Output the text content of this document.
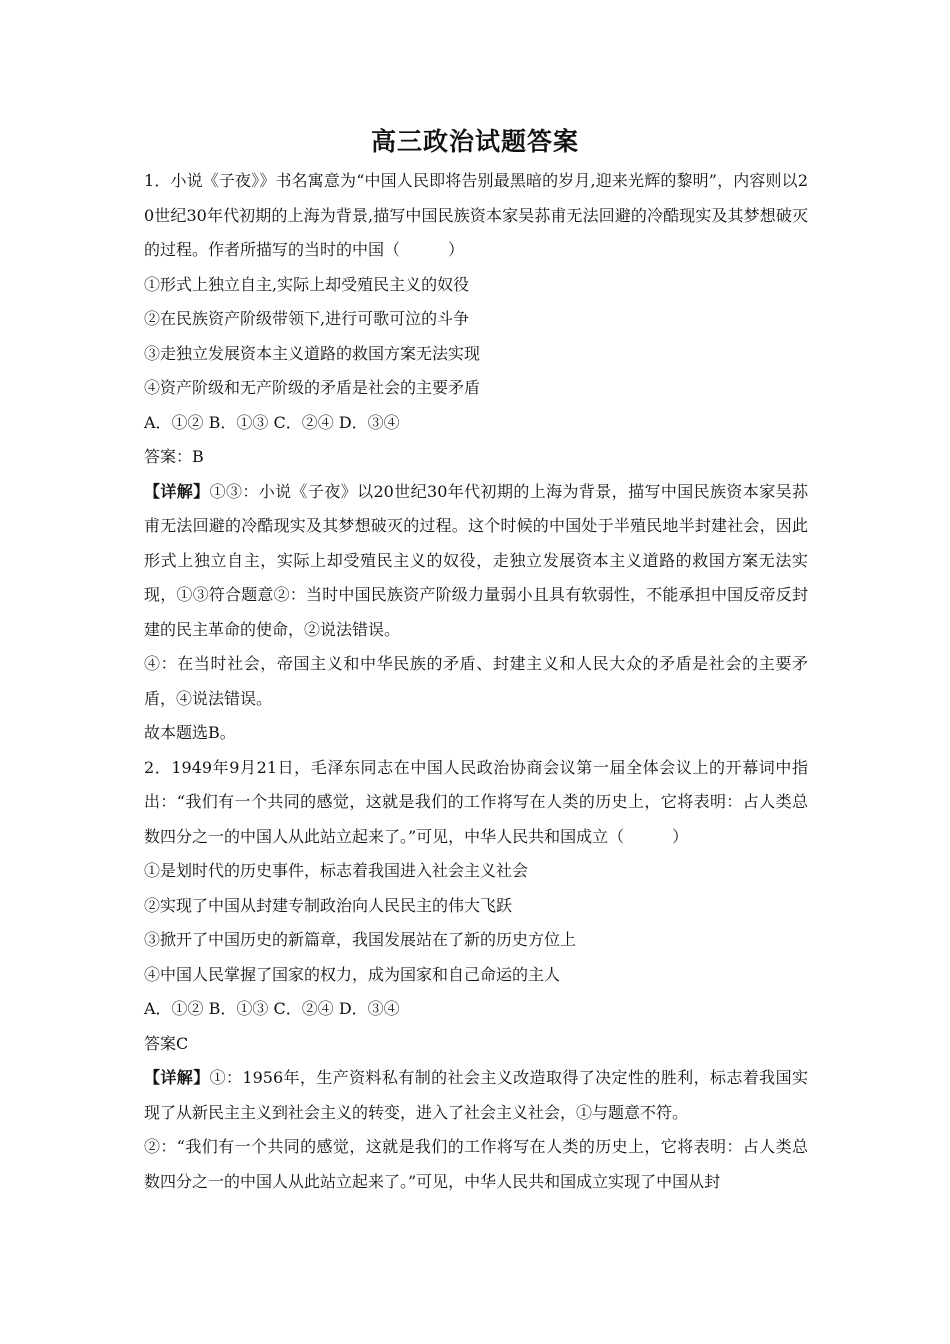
高三政治试题答案

1．小说《子夜》》书名寓意为“中国人民即将告别最黑暗的岁月,迎来光辉的黎明”，内容则以20世纪30年代初期的上海为背景,描写中国民族资本家吴荪甫无法回避的冷酷现实及其梦想破灭的过程。作者所描写的当时的中国（　　　）

①形式上独立自主,实际上却受殖民主义的奴役

②在民族资产阶级带领下,进行可歌可泣的斗争

③走独立发展资本主义道路的救国方案无法实现

④资产阶级和无产阶级的矛盾是社会的主要矛盾

A．①② B．①③ C．②④ D．③④

答案：B

【详解】①③：小说《子夜》以20世纪30年代初期的上海为背景，描写中国民族资本家吴荪甫无法回避的冷酷现实及其梦想破灭的过程。这个时候的中国处于半殖民地半封建社会，因此形式上独立自主，实际上却受殖民主义的奴役，走独立发展资本主义道路的救国方案无法实现，①③符合题意②：当时中国民族资产阶级力量弱小且具有软弱性，不能承担中国反帝反封建的民主革命的使命，②说法错误。

④：在当时社会，帝国主义和中华民族的矛盾、封建主义和人民大众的矛盾是社会的主要矛盾，④说法错误。

故本题选B。

2．1949年9月21日，毛泽东同志在中国人民政治协商会议第一届全体会议上的开幕词中指出：“我们有一个共同的感觉，这就是我们的工作将写在人类的历史上，它将表明：占人类总数四分之一的中国人从此站立起来了。”可见，中华人民共和国成立（　　　）

①是划时代的历史事件，标志着我国进入社会主义社会

②实现了中国从封建专制政治向人民民主的伟大飞跃

③掀开了中国历史的新篇章，我国发展站在了新的历史方位上

④中国人民掌握了国家的权力，成为国家和自己命运的主人

A．①② B．①③ C．②④ D．③④

答案C

【详解】①：1956年，生产资料私有制的社会主义改造取得了决定性的胜利，标志着我国实现了从新民主主义到社会主义的转变，进入了社会主义社会，①与题意不符。

②：“我们有一个共同的感觉，这就是我们的工作将写在人类的历史上，它将表明：占人类总数四分之一的中国人从此站立起来了。”可见，中华人民共和国成立实现了中国从封
